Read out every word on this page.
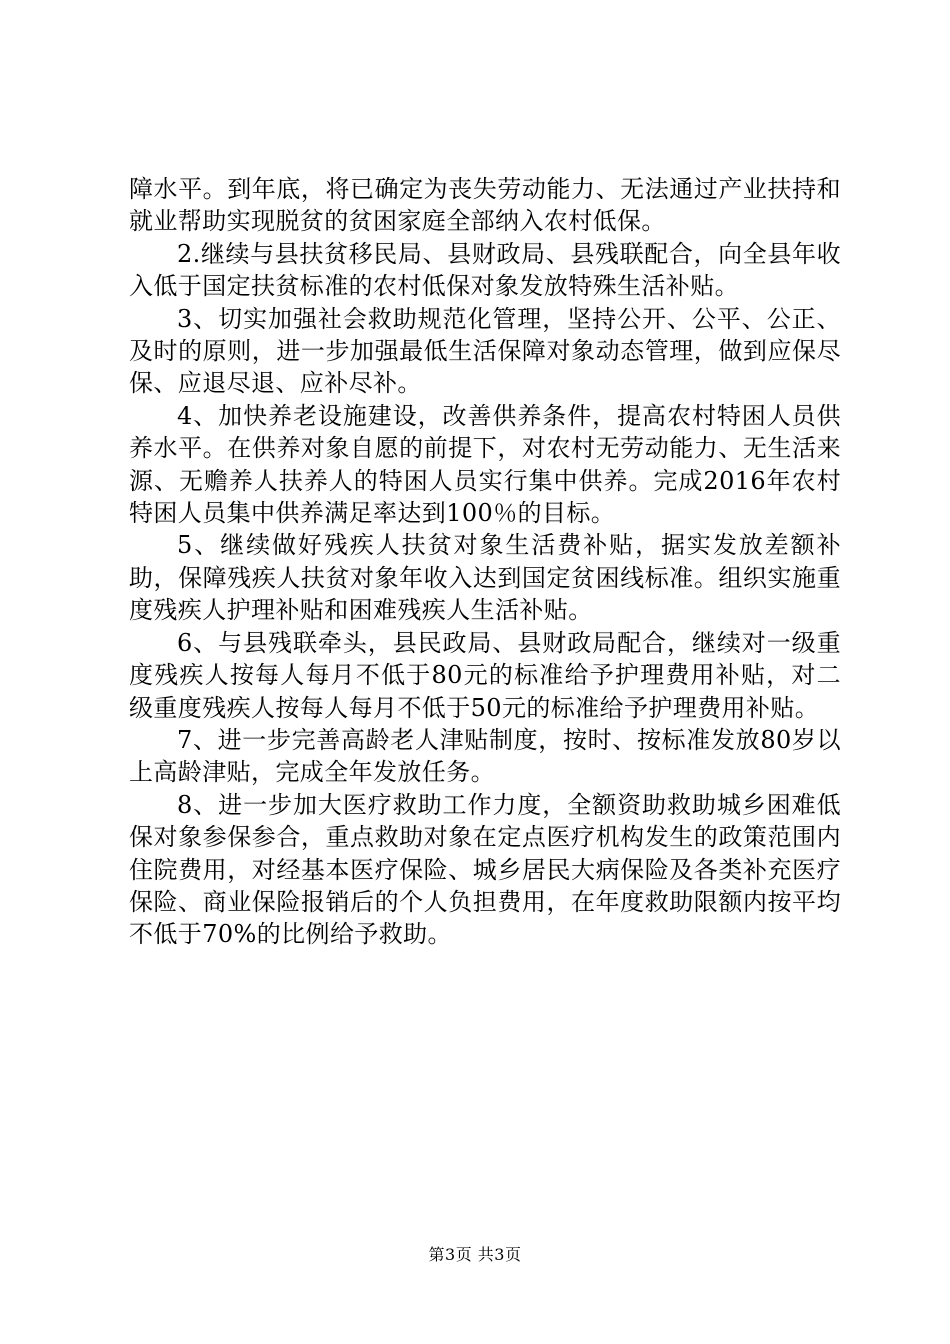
障水平。到年底，将已确定为丧失劳动能力、无法通过产业扶持和就业帮助实现脱贫的贫困家庭全部纳入农村低保。

2.继续与县扶贫移民局、县财政局、县残联配合，向全县年收入低于国定扶贫标准的农村低保对象发放特殊生活补贴。

3、切实加强社会救助规范化管理，坚持公开、公平、公正、及时的原则，进一步加强最低生活保障对象动态管理，做到应保尽保、应退尽退、应补尽补。

4、加快养老设施建设，改善供养条件，提高农村特困人员供养水平。在供养对象自愿的前提下，对农村无劳动能力、无生活来源、无赡养人扶养人的特困人员实行集中供养。完成2016年农村特困人员集中供养满足率达到100％的目标。

5、继续做好残疾人扶贫对象生活费补贴，据实发放差额补助，保障残疾人扶贫对象年收入达到国定贫困线标准。组织实施重度残疾人护理补贴和困难残疾人生活补贴。

6、与县残联牵头，县民政局、县财政局配合，继续对一级重度残疾人按每人每月不低于80元的标准给予护理费用补贴，对二级重度残疾人按每人每月不低于50元的标准给予护理费用补贴。

7、进一步完善高龄老人津贴制度，按时、按标准发放80岁以上高龄津贴，完成全年发放任务。

8、进一步加大医疗救助工作力度，全额资助救助城乡困难低保对象参保参合，重点救助对象在定点医疗机构发生的政策范围内住院费用，对经基本医疗保险、城乡居民大病保险及各类补充医疗保险、商业保险报销后的个人负担费用，在年度救助限额内按平均不低于70%的比例给予救助。

第3页 共3页
